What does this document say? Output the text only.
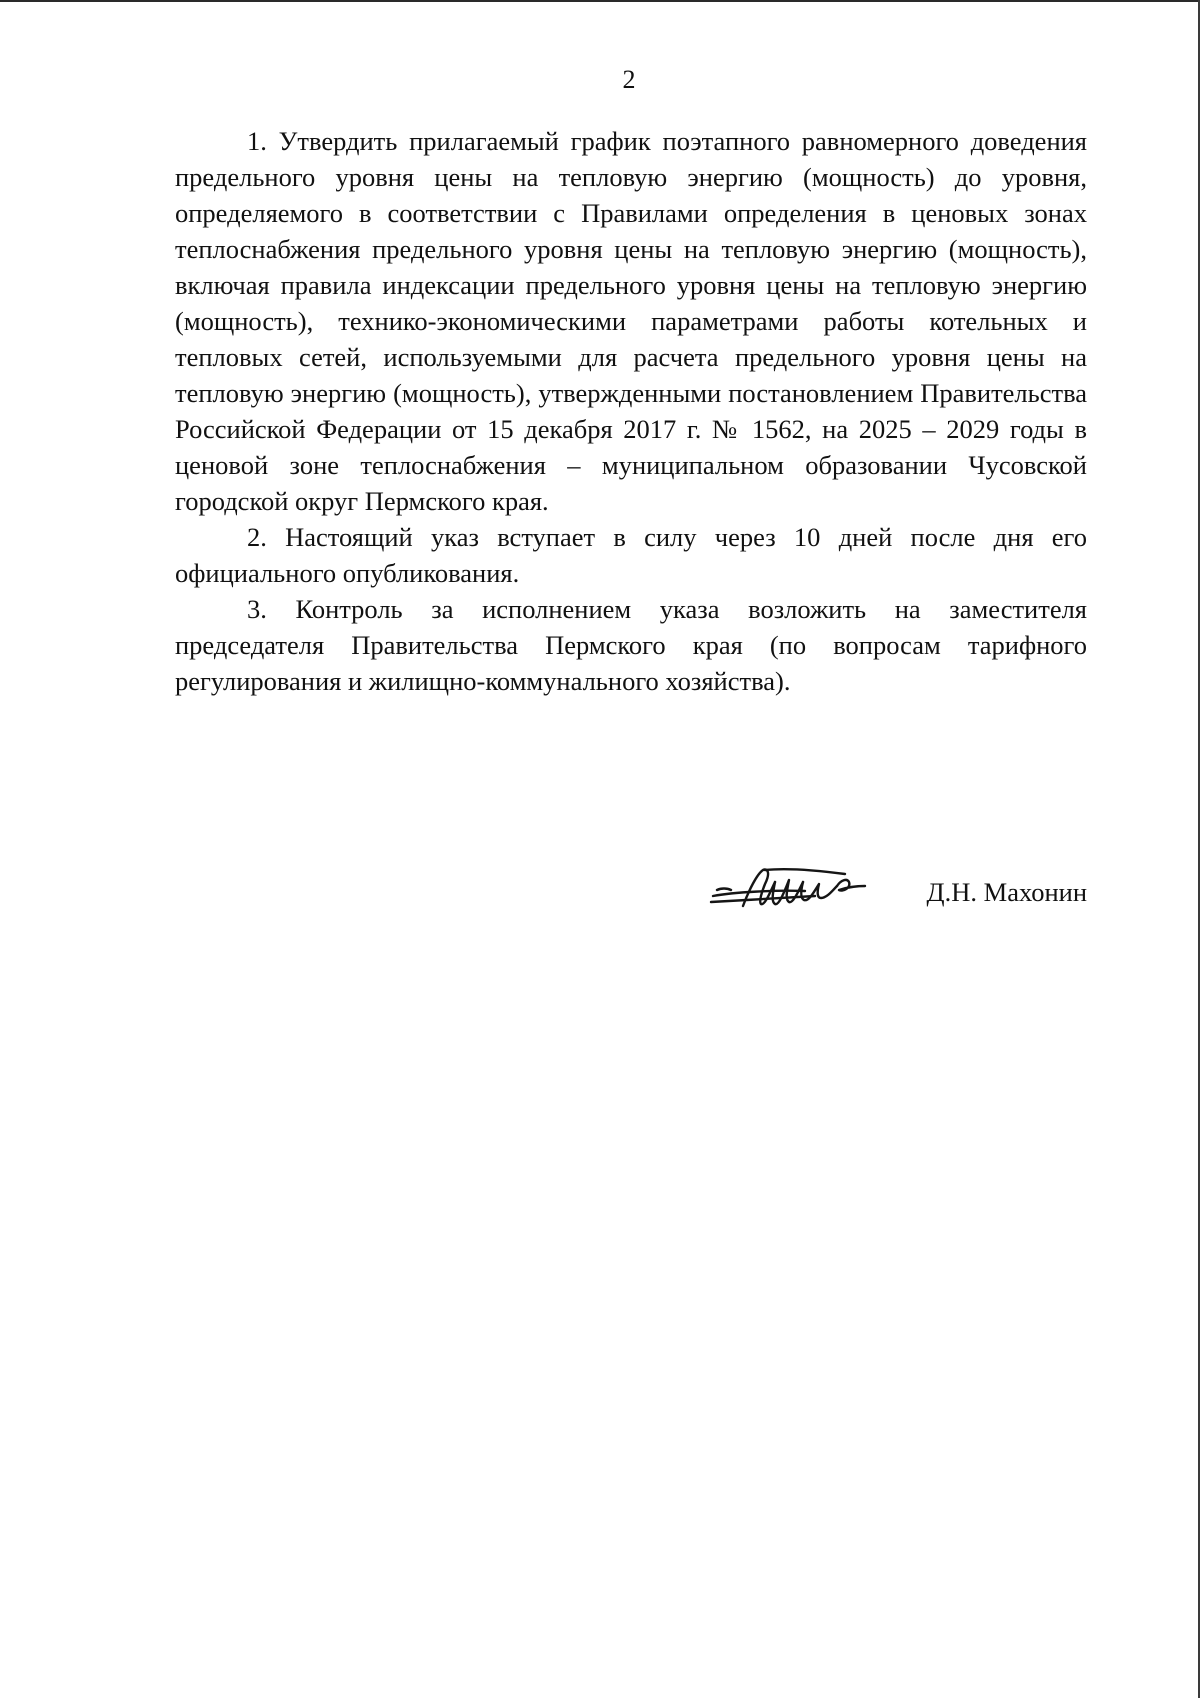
2

1. Утвердить прилагаемый график поэтапного равномерного доведения предельного уровня цены на тепловую энергию (мощность) до уровня, определяемого в соответствии с Правилами определения в ценовых зонах теплоснабжения предельного уровня цены на тепловую энергию (мощность), включая правила индексации предельного уровня цены на тепловую энергию (мощность), технико-экономическими параметрами работы котельных и тепловых сетей, используемыми для расчета предельного уровня цены на тепловую энергию (мощность), утвержденными постановлением Правительства Российской Федерации от 15 декабря 2017 г. № 1562, на 2025 – 2029 годы в ценовой зоне теплоснабжения – муниципальном образовании Чусовской городской округ Пермского края.

2. Настоящий указ вступает в силу через 10 дней после дня его официального опубликования.

3. Контроль за исполнением указа возложить на заместителя председателя Правительства Пермского края (по вопросам тарифного регулирования и жилищно-коммунального хозяйства).

Д.Н. Махонин
